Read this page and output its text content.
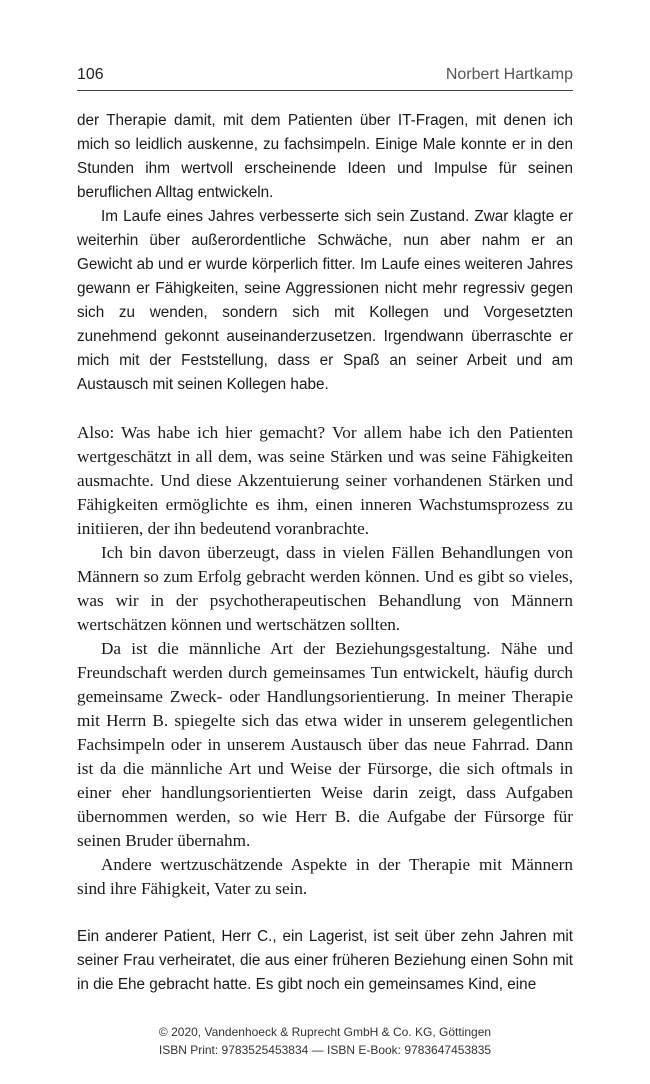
106	Norbert Hartkamp

der Therapie damit, mit dem Patienten über IT-Fragen, mit denen ich mich so leidlich auskenne, zu fachsimpeln. Einige Male konnte er in den Stunden ihm wertvoll erscheinende Ideen und Impulse für seinen beruflichen Alltag entwickeln.

Im Laufe eines Jahres verbesserte sich sein Zustand. Zwar klagte er weiterhin über außerordentliche Schwäche, nun aber nahm er an Gewicht ab und er wurde körperlich fitter. Im Laufe eines weiteren Jahres gewann er Fähigkeiten, seine Aggressionen nicht mehr regressiv gegen sich zu wenden, sondern sich mit Kollegen und Vorgesetzten zunehmend gekonnt auseinanderzusetzen. Irgendwann überraschte er mich mit der Feststellung, dass er Spaß an seiner Arbeit und am Austausch mit seinen Kollegen habe.

Also: Was habe ich hier gemacht? Vor allem habe ich den Patienten wertgeschätzt in all dem, was seine Stärken und was seine Fähigkeiten ausmachte. Und diese Akzentuierung seiner vorhandenen Stärken und Fähigkeiten ermöglichte es ihm, einen inneren Wachstumsprozess zu initiieren, der ihn bedeutend voranbrachte.

Ich bin davon überzeugt, dass in vielen Fällen Behandlungen von Männern so zum Erfolg gebracht werden können. Und es gibt so vieles, was wir in der psychotherapeutischen Behandlung von Männern wertschätzen können und wertschätzen sollten.

Da ist die männliche Art der Beziehungsgestaltung. Nähe und Freundschaft werden durch gemeinsames Tun entwickelt, häufig durch gemeinsame Zweck- oder Handlungsorientierung. In meiner Therapie mit Herrn B. spiegelte sich das etwa wider in unserem gelegentlichen Fachsimpeln oder in unserem Austausch über das neue Fahrrad. Dann ist da die männliche Art und Weise der Fürsorge, die sich oftmals in einer eher handlungsorientierten Weise darin zeigt, dass Aufgaben übernommen werden, so wie Herr B. die Aufgabe der Fürsorge für seinen Bruder übernahm.

Andere wertzuschätzende Aspekte in der Therapie mit Männern sind ihre Fähigkeit, Vater zu sein.

Ein anderer Patient, Herr C., ein Lagerist, ist seit über zehn Jahren mit seiner Frau verheiratet, die aus einer früheren Beziehung einen Sohn mit in die Ehe gebracht hatte. Es gibt noch ein gemeinsames Kind, eine

© 2020, Vandenhoeck & Ruprecht GmbH & Co. KG, Göttingen
ISBN Print: 9783525453834 — ISBN E-Book: 9783647453835
